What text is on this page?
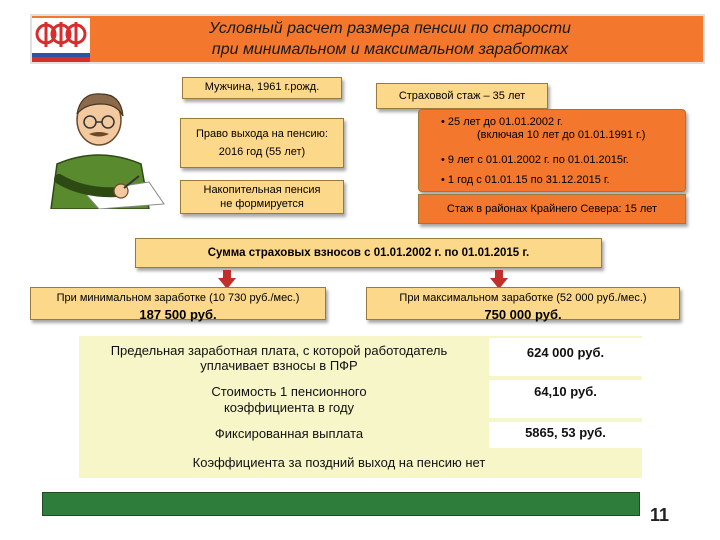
Условный расчет размера пенсии по старости
при минимальном и максимальном заработках
Мужчина, 1961 г.рожд.
Право выхода на пенсию:
2016 год (55 лет)
Накопительная пенсия
не формируется
Страховой стаж – 35 лет
• 25 лет до 01.01.2002 г.
(включая 10 лет до 01.01.1991 г.)
• 9 лет с 01.01.2002 г. по 01.01.2015г.
• 1 год с 01.01.15 по 31.12.2015 г.
Стаж в районах Крайнего Севера: 15 лет
Сумма страховых взносов с 01.01.2002 г. по 01.01.2015 г.
При минимальном заработке (10 730 руб./мес.)
187 500 руб.
При максимальном заработке (52 000 руб./мес.)
750 000 руб.
Предельная заработная плата, с которой работодатель
уплачивает взносы в ПФР
624 000 руб.
Стоимость 1 пенсионного
коэффициента в году
64,10 руб.
Фиксированная выплата	5865, 53 руб.
Коэффициента за поздний выход на пенсию нет
11
